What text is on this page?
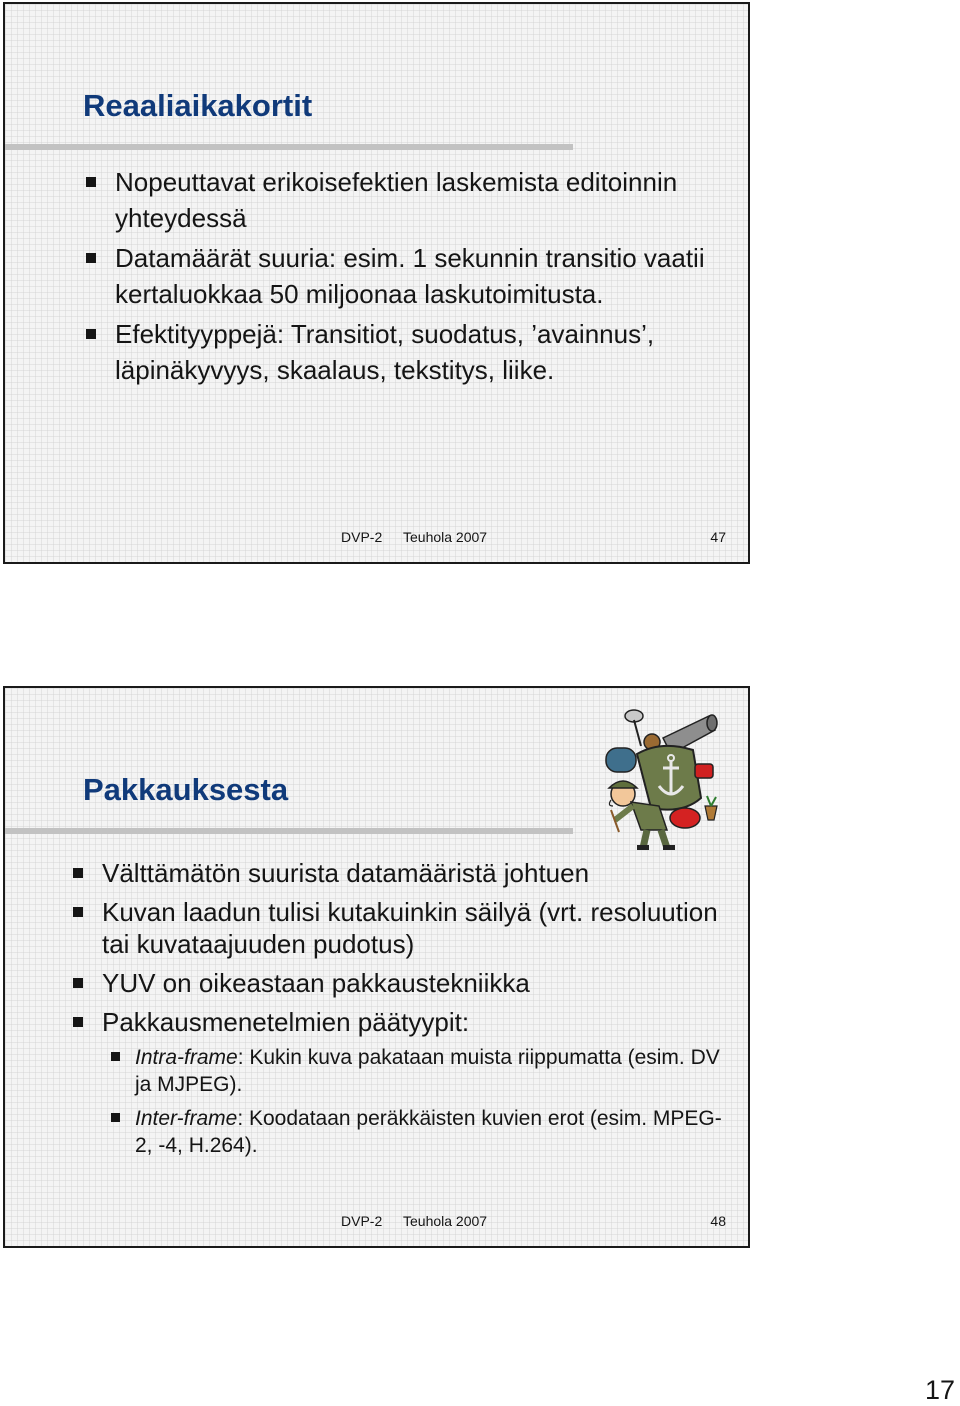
Reaaliaikakortit
Nopeuttavat erikoisefektien laskemista editoinnin yhteydessä
Datamäärät suuria: esim. 1 sekunnin transitio vaatii kertaluokkaa 50 miljoonaa laskutoimitusta.
Efektityyppejä: Transitiot, suodatus, ’avainnus’, läpinäkyvyys, skaalaus, tekstitys, liike.
DVP-2 Teuhola 2007	47
Pakkauksesta
Välttämätön suurista datamääristä johtuen
Kuvan laadun tulisi kutakuinkin säilyä (vrt. resoluution tai kuvataajuuden pudotus)
YUV on oikeastaan pakkaustekniikka
Pakkausmenetelmien päätyypit:
Intra-frame: Kukin kuva pakataan muista riippumatta (esim. DV ja MJPEG).
Inter-frame: Koodataan peräkkäisten kuvien erot (esim. MPEG-2, -4, H.264).
DVP-2 Teuhola 2007	48
17
